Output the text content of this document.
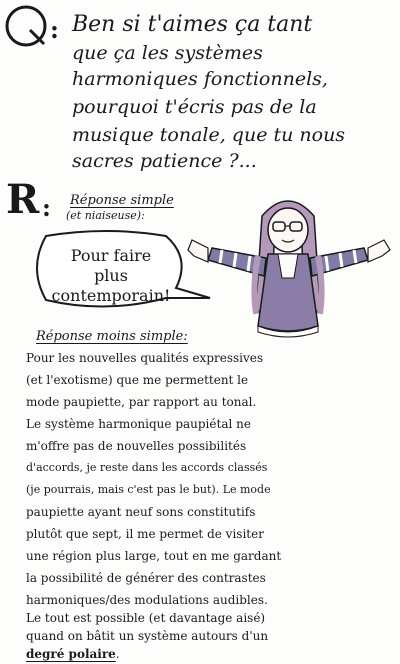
: Ben si t'aimes ça tant
que ça les systèmes
harmoniques fonctionnels,
pourquoi t'écris pas de la
musique tonale, que tu nous
sacres patience ?...
R : Réponse simple
(et niaiseuse):
Pour faire
plus
contemporain!
Réponse moins simple:
Pour les nouvelles qualités expressives
(et l'exotisme) que me permettent le
mode paupiette, par rapport au tonal.
Le système harmonique paupiétal ne
m'offre pas de nouvelles possibilités
d'accords, je reste dans les accords classés
(je pourrais, mais c'est pas le but). Le mode
paupiette ayant neuf sons constitutifs
plutôt que sept, il me permet de visiter
une région plus large, tout en me gardant
la possibilité de générer des contrastes
harmoniques/des modulations audibles.
Le tout est possible (et davantage aisé)
quand on bâtit un système autours d'un
degré polaire.
